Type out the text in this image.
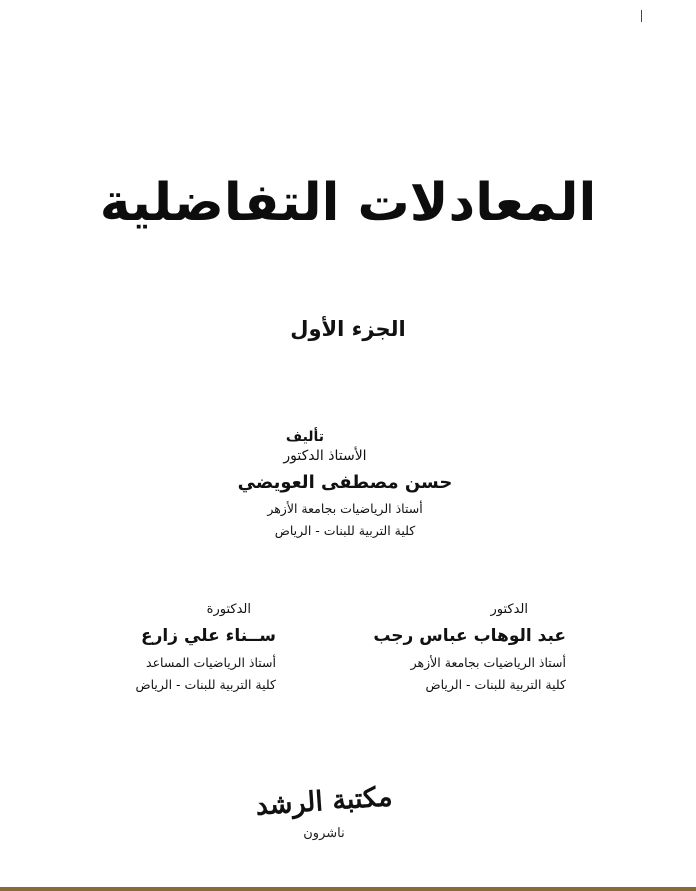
المعادلات التفاضلية
الجزء الأول
تأليف
الأستاذ الدكتور
حسن مصطفى العويضي
أستاذ الرياضيات بجامعة الأزهر
كلية التربية للبنات - الرياض
الدكتور
عبد الوهاب عباس رجب
أستاذ الرياضيات بجامعة الأزهر
كلية التربية للبنات - الرياض
الدكتورة
ســناء علي زارع
أستاذ الرياضيات المساعد
كلية التربية للبنات - الرياض
مكتبة الرشد
ناشرون
